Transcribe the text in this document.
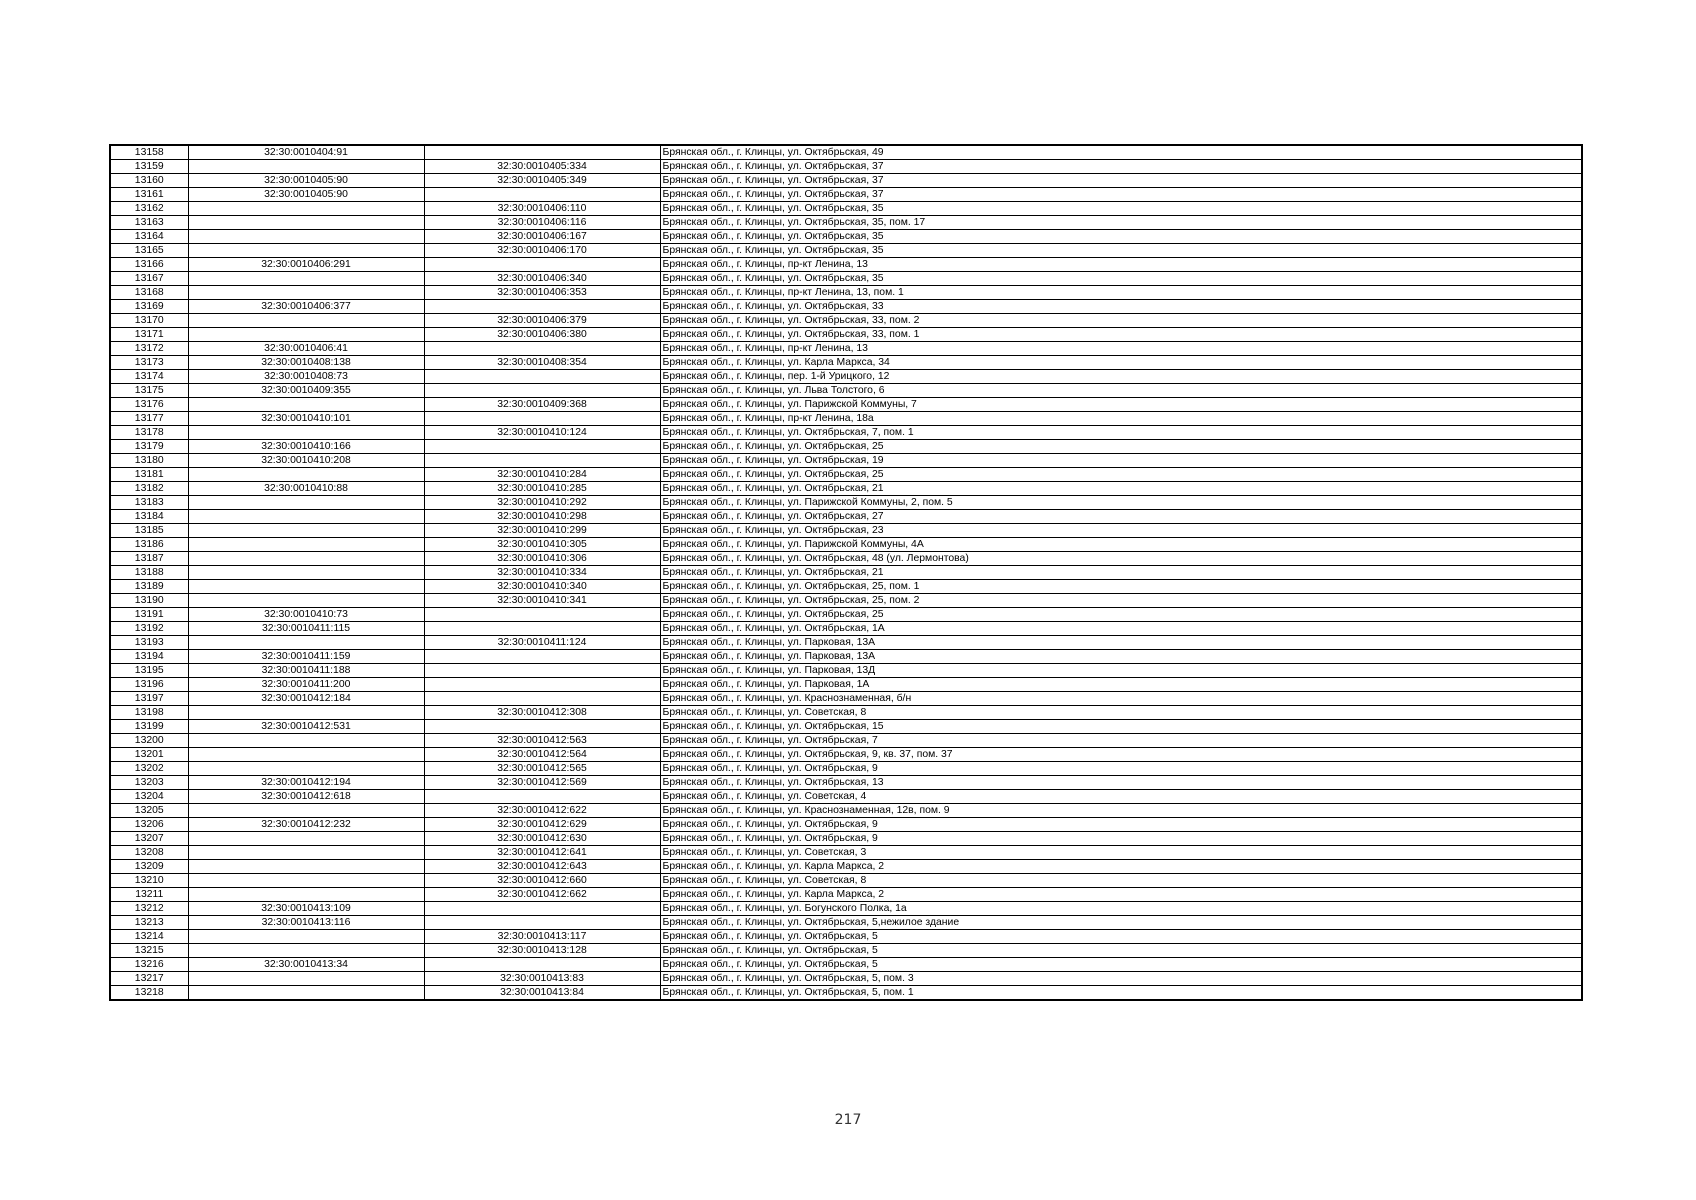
13158	32:30:0010404:91		Брянская обл., г. Клинцы, ул. Октябрьская, 49
13159		32:30:0010405:334	Брянская обл., г. Клинцы, ул. Октябрьская, 37
13160	32:30:0010405:90	32:30:0010405:349	Брянская обл., г. Клинцы, ул. Октябрьская, 37
13161	32:30:0010405:90		Брянская обл., г. Клинцы, ул. Октябрьская, 37
13162		32:30:0010406:110	Брянская обл., г. Клинцы, ул. Октябрьская, 35
13163		32:30:0010406:116	Брянская обл., г. Клинцы, ул. Октябрьская, 35, пом. 17
13164		32:30:0010406:167	Брянская обл., г. Клинцы, ул. Октябрьская, 35
13165		32:30:0010406:170	Брянская обл., г. Клинцы, ул. Октябрьская, 35
13166	32:30:0010406:291		Брянская обл., г. Клинцы, пр-кт Ленина, 13
13167		32:30:0010406:340	Брянская обл., г. Клинцы, ул. Октябрьская, 35
13168		32:30:0010406:353	Брянская обл., г. Клинцы, пр-кт Ленина, 13, пом. 1
13169	32:30:0010406:377		Брянская обл., г. Клинцы, ул. Октябрьская, 33
13170		32:30:0010406:379	Брянская обл., г. Клинцы, ул. Октябрьская, 33, пом. 2
13171		32:30:0010406:380	Брянская обл., г. Клинцы, ул. Октябрьская, 33, пом. 1
13172	32:30:0010406:41		Брянская обл., г. Клинцы, пр-кт Ленина, 13
13173	32:30:0010408:138	32:30:0010408:354	Брянская обл., г. Клинцы, ул. Карла Маркса, 34
13174	32:30:0010408:73		Брянская обл., г. Клинцы, пер. 1-й Урицкого, 12
13175	32:30:0010409:355		Брянская обл., г. Клинцы, ул. Льва Толстого, 6
13176		32:30:0010409:368	Брянская обл., г. Клинцы, ул. Парижской Коммуны, 7
13177	32:30:0010410:101		Брянская обл., г. Клинцы, пр-кт Ленина, 18а
13178		32:30:0010410:124	Брянская обл., г. Клинцы, ул. Октябрьская, 7, пом. 1
13179	32:30:0010410:166		Брянская обл., г. Клинцы, ул. Октябрьская, 25
13180	32:30:0010410:208		Брянская обл., г. Клинцы, ул. Октябрьская, 19
13181		32:30:0010410:284	Брянская обл., г. Клинцы, ул. Октябрьская, 25
13182	32:30:0010410:88	32:30:0010410:285	Брянская обл., г. Клинцы, ул. Октябрьская, 21
13183		32:30:0010410:292	Брянская обл., г. Клинцы, ул. Парижской Коммуны, 2, пом. 5
13184		32:30:0010410:298	Брянская обл., г. Клинцы, ул. Октябрьская, 27
13185		32:30:0010410:299	Брянская обл., г. Клинцы, ул. Октябрьская, 23
13186		32:30:0010410:305	Брянская обл., г. Клинцы, ул. Парижской Коммуны, 4А
13187		32:30:0010410:306	Брянская обл., г. Клинцы, ул. Октябрьская, 48 (ул. Лермонтова)
13188		32:30:0010410:334	Брянская обл., г. Клинцы, ул. Октябрьская, 21
13189		32:30:0010410:340	Брянская обл., г. Клинцы, ул. Октябрьская, 25, пом. 1
13190		32:30:0010410:341	Брянская обл., г. Клинцы, ул. Октябрьская, 25, пом. 2
13191	32:30:0010410:73		Брянская обл., г. Клинцы, ул. Октябрьская, 25
13192	32:30:0010411:115		Брянская обл., г. Клинцы, ул. Октябрьская, 1А
13193		32:30:0010411:124	Брянская обл., г. Клинцы, ул. Парковая, 13А
13194	32:30:0010411:159		Брянская обл., г. Клинцы, ул. Парковая, 13А
13195	32:30:0010411:188		Брянская обл., г. Клинцы, ул. Парковая, 13Д
13196	32:30:0010411:200		Брянская обл., г. Клинцы, ул. Парковая, 1А
13197	32:30:0010412:184		Брянская обл., г. Клинцы, ул. Краснознаменная, б/н
13198		32:30:0010412:308	Брянская обл., г. Клинцы, ул. Советская, 8
13199	32:30:0010412:531		Брянская обл., г. Клинцы, ул. Октябрьская, 15
13200		32:30:0010412:563	Брянская обл., г. Клинцы, ул. Октябрьская, 7
13201		32:30:0010412:564	Брянская обл., г. Клинцы, ул. Октябрьская, 9, кв. 37, пом. 37
13202		32:30:0010412:565	Брянская обл., г. Клинцы, ул. Октябрьская, 9
13203	32:30:0010412:194	32:30:0010412:569	Брянская обл., г. Клинцы, ул. Октябрьская, 13
13204	32:30:0010412:618		Брянская обл., г. Клинцы, ул. Советская, 4
13205		32:30:0010412:622	Брянская обл., г. Клинцы, ул. Краснознаменная, 12в, пом. 9
13206	32:30:0010412:232	32:30:0010412:629	Брянская обл., г. Клинцы, ул. Октябрьская, 9
13207		32:30:0010412:630	Брянская обл., г. Клинцы, ул. Октябрьская, 9
13208		32:30:0010412:641	Брянская обл., г. Клинцы, ул. Советская, 3
13209		32:30:0010412:643	Брянская обл., г. Клинцы, ул. Карла Маркса, 2
13210		32:30:0010412:660	Брянская обл., г. Клинцы, ул. Советская, 8
13211		32:30:0010412:662	Брянская обл., г. Клинцы, ул. Карла Маркса, 2
13212	32:30:0010413:109		Брянская обл., г. Клинцы, ул. Богунского Полка, 1а
13213	32:30:0010413:116		Брянская обл., г. Клинцы, ул. Октябрьская, 5,нежилое здание
13214		32:30:0010413:117	Брянская обл., г. Клинцы, ул. Октябрьская, 5
13215		32:30:0010413:128	Брянская обл., г. Клинцы, ул. Октябрьская, 5
13216	32:30:0010413:34		Брянская обл., г. Клинцы, ул. Октябрьская, 5
13217		32:30:0010413:83	Брянская обл., г. Клинцы, ул. Октябрьская, 5, пом. 3
13218		32:30:0010413:84	Брянская обл., г. Клинцы, ул. Октябрьская, 5, пом. 1
217
